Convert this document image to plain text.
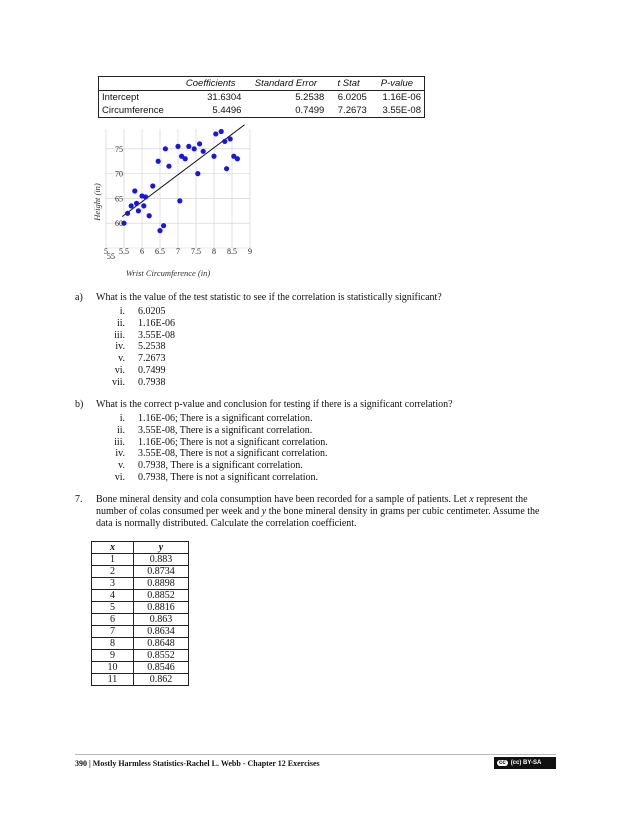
	Coefficients	Standard Error	t Stat	P-value
Intercept	31.6304	5.2538	6.0205	1.16E-06
Circumference	5.4496	0.7499	7.2673	3.55E-08
5 5.5 6 6.5 7 7.5 8 8.5 9
55
60
65
70
75
Wrist Circumference (in)
Height (in)
a)	What is the value of the test statistic to see if the correlation is statistically significant?
i.	6.0205
ii.	1.16E-06
iii.	3.55E-08
iv.	5.2538
v.	7.2673
vi.	0.7499
vii.	0.7938
b)	What is the correct p-value and conclusion for testing if there is a significant correlation?
i.	1.16E-06; There is a significant correlation.
ii.	3.55E-08, There is a significant correlation.
iii.	1.16E-06; There is not a significant correlation.
iv.	3.55E-08, There is not a significant correlation.
v.	0.7938, There is a significant correlation.
vi.	0.7938, There is not a significant correlation.
7.	Bone mineral density and cola consumption have been recorded for a sample of patients. Let x represent the number of colas consumed per week and y the bone mineral density in grams per cubic centimeter. Assume the data is normally distributed. Calculate the correlation coefficient.
x	y
1	0.883
2	0.8734
3	0.8898
4	0.8852
5	0.8816
6	0.863
7	0.8634
8	0.8648
9	0.8552
10	0.8546
11	0.862
390 | Mostly Harmless Statistics-Rachel L. Webb - Chapter 12 Exercises	cc (cc) BY-SA
